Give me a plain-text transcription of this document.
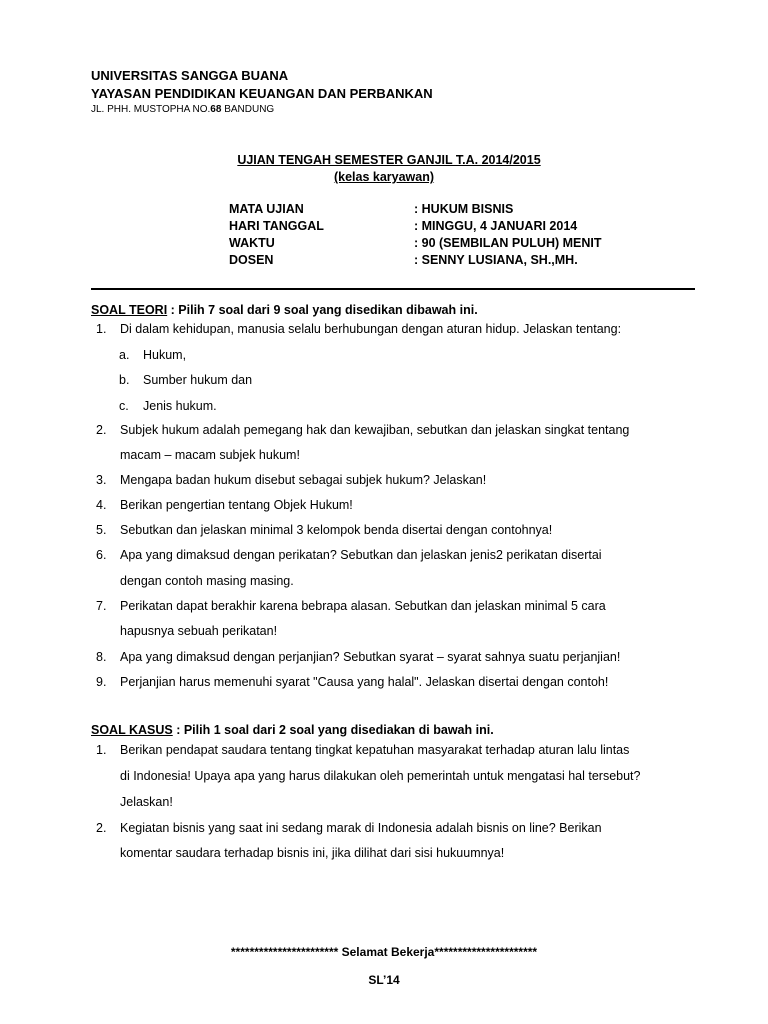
UNIVERSITAS SANGGA BUANA
YAYASAN PENDIDIKAN KEUANGAN DAN PERBANKAN
JL. PHH. MUSTOPHA NO.68 BANDUNG
UJIAN TENGAH SEMESTER GANJIL T.A. 2014/2015
(kelas karyawan)
MATA UJIAN	: HUKUM BISNIS
HARI TANGGAL	: MINGGU, 4 JANUARI 2014
WAKTU	: 90 (SEMBILAN PULUH) MENIT
DOSEN	: SENNY LUSIANA, SH.,MH.
SOAL TEORI : Pilih 7 soal dari 9 soal yang disedikan dibawah ini.
1. Di dalam kehidupan, manusia selalu berhubungan dengan aturan hidup. Jelaskan tentang:
a. Hukum,
b. Sumber hukum dan
c. Jenis hukum.
2. Subjek hukum adalah pemegang hak dan kewajiban, sebutkan dan jelaskan singkat tentang
macam – macam subjek hukum!
3. Mengapa badan hukum disebut sebagai subjek hukum? Jelaskan!
4. Berikan pengertian tentang Objek Hukum!
5. Sebutkan dan jelaskan minimal 3 kelompok benda disertai dengan contohnya!
6. Apa yang dimaksud dengan perikatan? Sebutkan dan jelaskan jenis2 perikatan disertai
dengan contoh masing masing.
7. Perikatan dapat berakhir karena bebrapa alasan. Sebutkan dan jelaskan minimal 5 cara
hapusnya sebuah perikatan!
8. Apa yang dimaksud dengan perjanjian? Sebutkan syarat – syarat sahnya suatu perjanjian!
9. Perjanjian harus memenuhi syarat "Causa yang halal". Jelaskan disertai dengan contoh!
SOAL KASUS : Pilih 1 soal dari 2 soal yang disediakan di bawah ini.
1. Berikan pendapat saudara tentang tingkat kepatuhan masyarakat terhadap aturan lalu lintas
di Indonesia! Upaya apa yang harus dilakukan oleh pemerintah untuk mengatasi hal tersebut?
Jelaskan!
2. Kegiatan bisnis yang saat ini sedang marak di Indonesia adalah bisnis on line? Berikan
komentar saudara terhadap bisnis ini, jika dilihat dari sisi hukuumnya!
*********************** Selamat Bekerja**********************
SL’14
